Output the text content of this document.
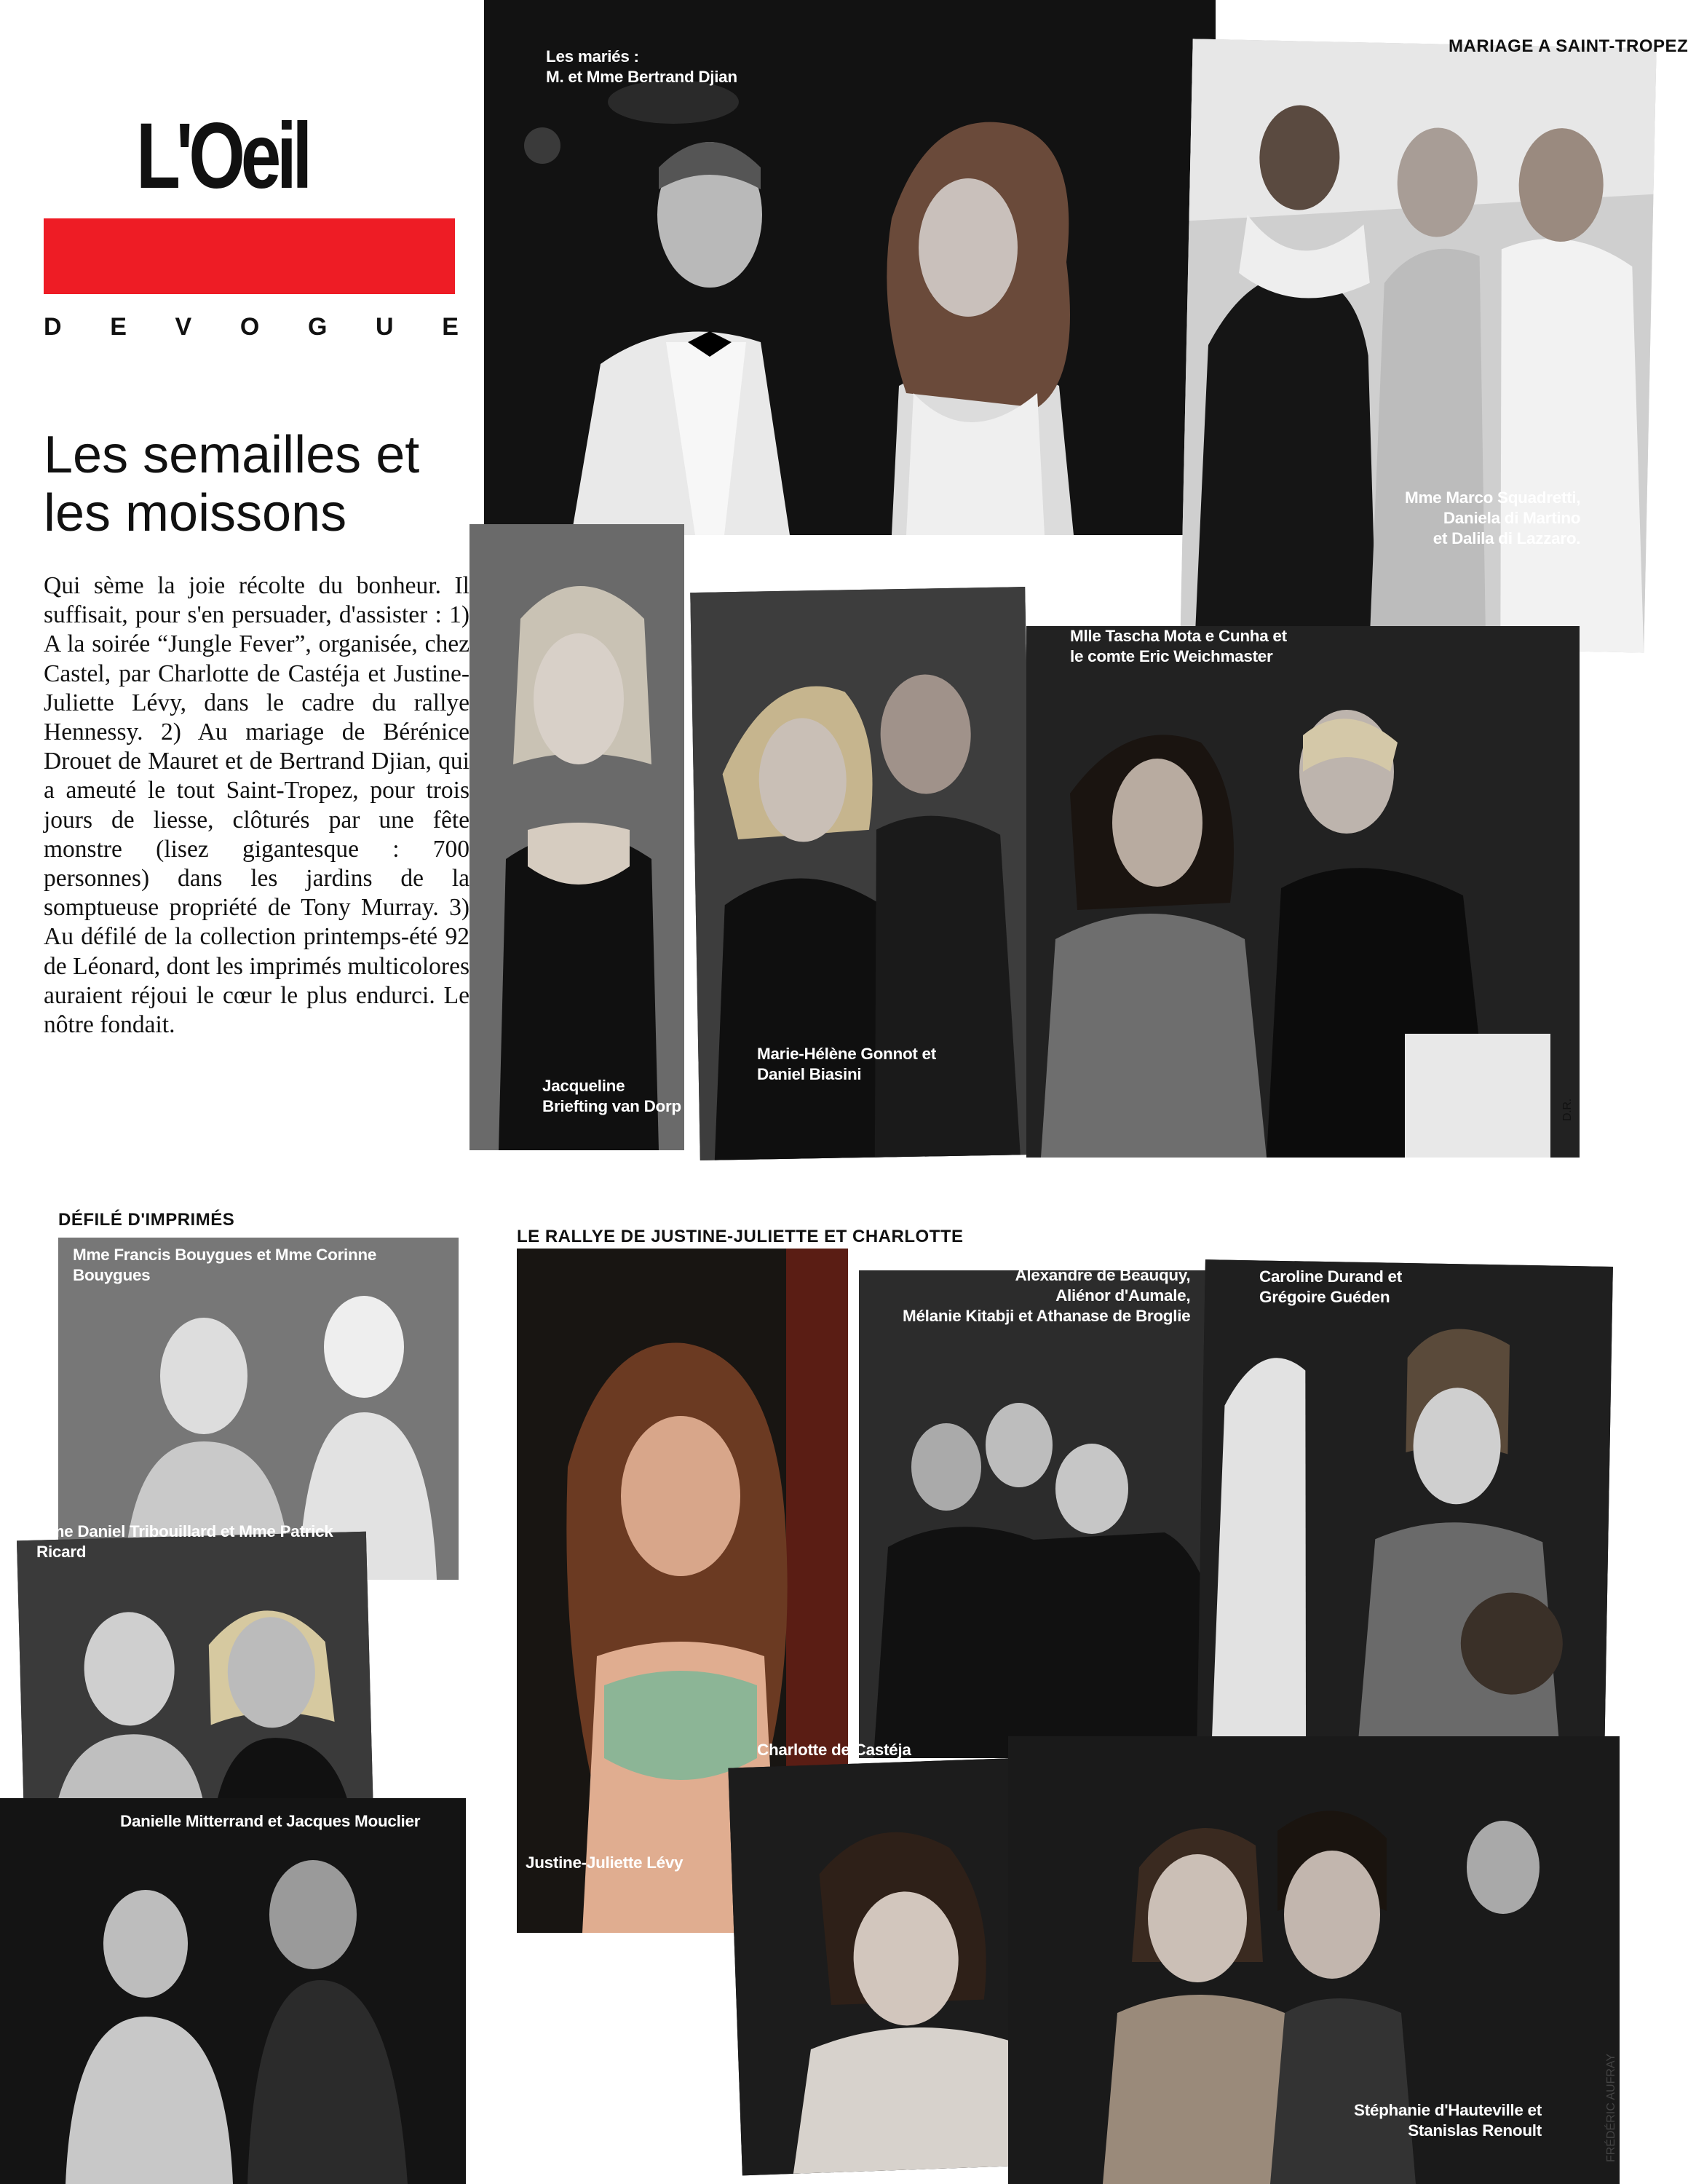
L'Oeil
D E V O G U E
Les semailles et les moissons
Qui sème la joie récolte du bonheur. Il suffisait, pour s'en persuader, d'assister : 1) A la soirée “Jungle Fever”, organisée, chez Castel, par Charlotte de Castéja et Justine-Juliette Lévy, dans le cadre du rallye Hennessy. 2) Au mariage de Bérénice Drouet de Mauret et de Bertrand Djian, qui a ameuté le tout Saint-Tropez, pour trois jours de liesse, clôturés par une fête monstre (lisez gigantesque : 700 personnes) dans les jardins de la somptueuse propriété de Tony Murray. 3) Au défilé de la collection printemps-été 92 de Léonard, dont les imprimés multicolores auraient réjoui le cœur le plus endurci. Le nôtre fondait.
Les mariés :
M. et Mme Bertrand Djian
MARIAGE A SAINT-TROPEZ
Mme Marco Squadretti,
Daniela di Martino
et Dalila di Lazzaro.
Jacqueline
Briefting van Dorp
Marie-Hélène Gonnot et
Daniel Biasini
Mlle Tascha Mota e Cunha et
le comte Eric Weichmaster
D.R.
DÉFILÉ D'IMPRIMÉS
Mme Francis Bouygues et Mme Corinne
Bouygues
Mme Daniel Tribouillard et Mme Patrick
Ricard
Danielle Mitterrand et Jacques Mouclier
LE RALLYE DE JUSTINE-JULIETTE ET CHARLOTTE
Justine-Juliette Lévy
Alexandre de Beauquy,
Aliénor d'Aumale,
Mélanie Kitabji et Athanase de Broglie
Caroline Durand et
Grégoire Guéden
Charlotte de Castéja
Stéphanie d'Hauteville et
Stanislas Renoult	FRÉDÉRIC AUFRAY
